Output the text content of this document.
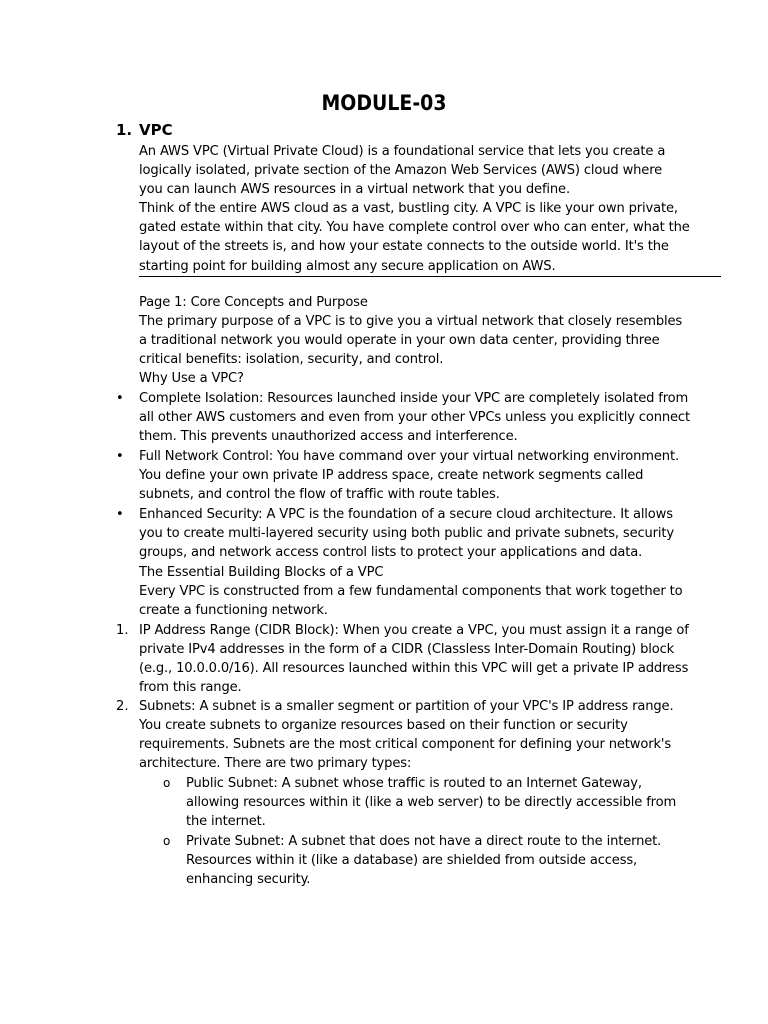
MODULE-03
1. VPC
An AWS VPC (Virtual Private Cloud) is a foundational service that lets you create a
logically isolated, private section of the Amazon Web Services (AWS) cloud where
you can launch AWS resources in a virtual network that you define.
Think of the entire AWS cloud as a vast, bustling city. A VPC is like your own private,
gated estate within that city. You have complete control over who can enter, what the
layout of the streets is, and how your estate connects to the outside world. It's the
starting point for building almost any secure application on AWS.
Page 1: Core Concepts and Purpose
The primary purpose of a VPC is to give you a virtual network that closely resembles
a traditional network you would operate in your own data center, providing three
critical benefits: isolation, security, and control.
Why Use a VPC?
• Complete Isolation: Resources launched inside your VPC are completely isolated from
all other AWS customers and even from your other VPCs unless you explicitly connect
them. This prevents unauthorized access and interference.
• Full Network Control: You have command over your virtual networking environment.
You define your own private IP address space, create network segments called
subnets, and control the flow of traffic with route tables.
• Enhanced Security: A VPC is the foundation of a secure cloud architecture. It allows
you to create multi-layered security using both public and private subnets, security
groups, and network access control lists to protect your applications and data.
The Essential Building Blocks of a VPC
Every VPC is constructed from a few fundamental components that work together to
create a functioning network.
1. IP Address Range (CIDR Block): When you create a VPC, you must assign it a range of
private IPv4 addresses in the form of a CIDR (Classless Inter-Domain Routing) block
(e.g., 10.0.0.0/16). All resources launched within this VPC will get a private IP address
from this range.
2. Subnets: A subnet is a smaller segment or partition of your VPC's IP address range.
You create subnets to organize resources based on their function or security
requirements. Subnets are the most critical component for defining your network's
architecture. There are two primary types:
o Public Subnet: A subnet whose traffic is routed to an Internet Gateway,
allowing resources within it (like a web server) to be directly accessible from
the internet.
o Private Subnet: A subnet that does not have a direct route to the internet.
Resources within it (like a database) are shielded from outside access,
enhancing security.
